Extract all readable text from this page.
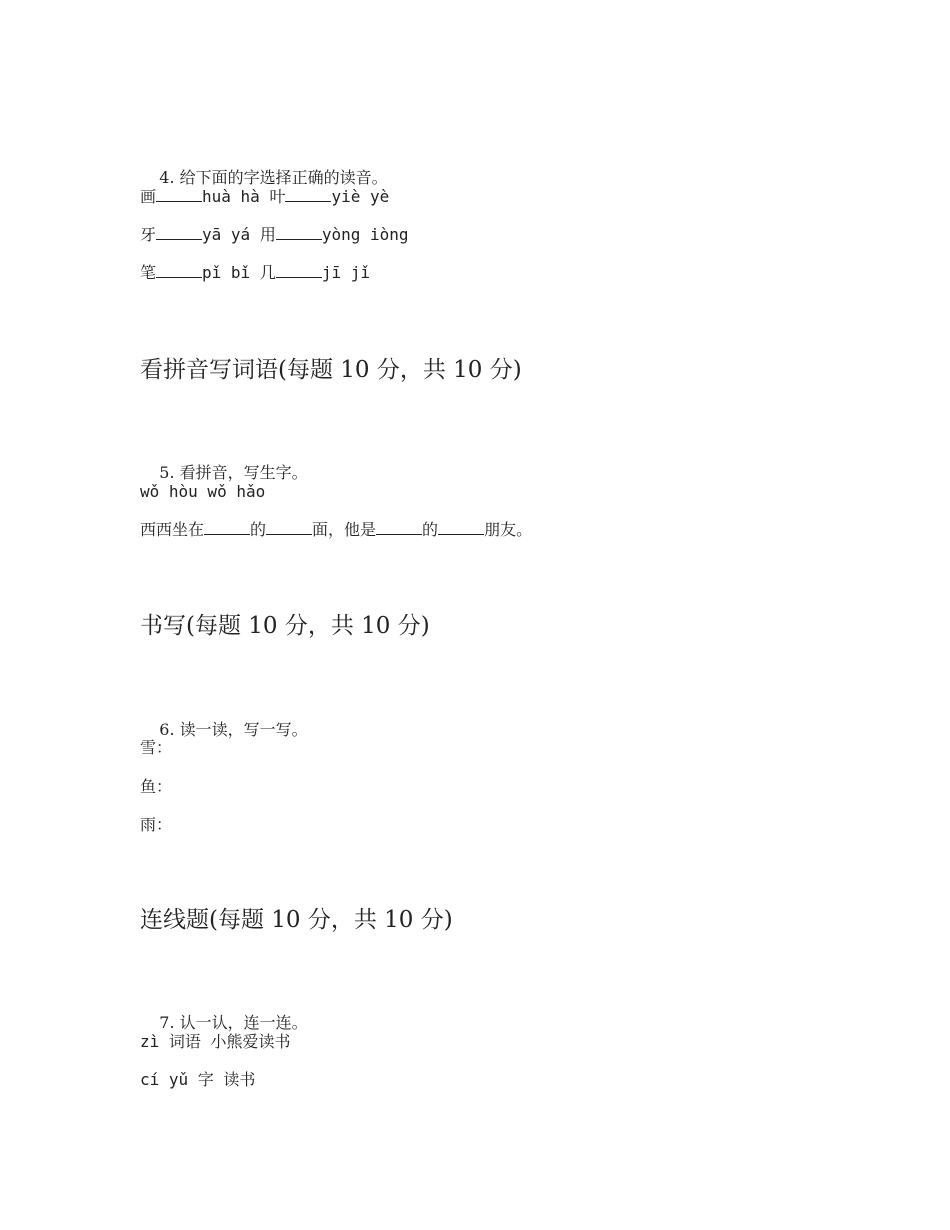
4. 给下面的字选择正确的读音。

画	huà hà 叶	yiè yè
牙	yā yá 用	yòng iòng
笔	pǐ bǐ 几	jī jǐ
看拼音写词语(每题 10 分，共 10 分)

5. 看拼音，写生字。

wǒ hòu wǒ hǎo
西西坐在	的	面，他是	的	朋友。
书写(每题 10 分，共 10 分)

6. 读一读，写一写。

雪：
鱼：
雨：
连线题(每题 10 分，共 10 分)

7. 认一认，连一连。

zì 词语 小熊爱读书
cí yǔ 字 读书
